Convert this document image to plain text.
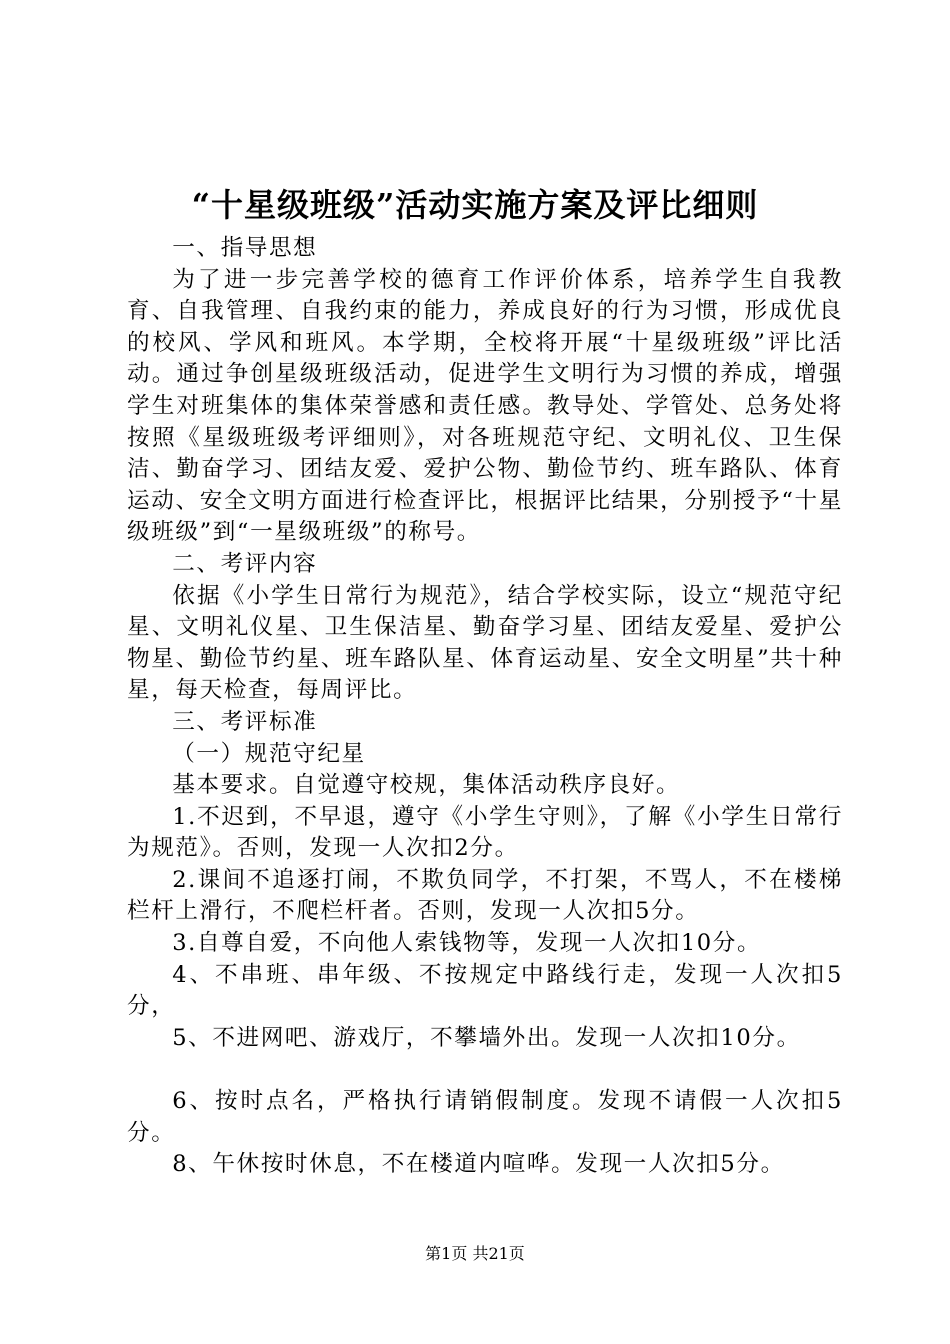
“十星级班级”活动实施方案及评比细则

一、指导思想

为了进一步完善学校的德育工作评价体系，培养学生自我教育、自我管理、自我约束的能力，养成良好的行为习惯，形成优良的校风、学风和班风。本学期，全校将开展“十星级班级”评比活动。通过争创星级班级活动，促进学生文明行为习惯的养成，增强学生对班集体的集体荣誉感和责任感。教导处、学管处、总务处将按照《星级班级考评细则》，对各班规范守纪、文明礼仪、卫生保洁、勤奋学习、团结友爱、爱护公物、勤俭节约、班车路队、体育运动、安全文明方面进行检查评比，根据评比结果，分别授予“十星级班级”到“一星级班级”的称号。

二、考评内容

依据《小学生日常行为规范》，结合学校实际，设立“规范守纪星、文明礼仪星、卫生保洁星、勤奋学习星、团结友爱星、爱护公物星、勤俭节约星、班车路队星、体育运动星、安全文明星”共十种星，每天检查，每周评比。

三、考评标准

（一）规范守纪星

基本要求。自觉遵守校规，集体活动秩序良好。

1.不迟到，不早退，遵守《小学生守则》，了解《小学生日常行为规范》。否则，发现一人次扣2分。

2.课间不追逐打闹，不欺负同学，不打架，不骂人，不在楼梯栏杆上滑行，不爬栏杆者。否则，发现一人次扣5分。

3.自尊自爱，不向他人索钱物等，发现一人次扣10分。

4、不串班、串年级、不按规定中路线行走，发现一人次扣5分，

5、不进网吧、游戏厅，不攀墙外出。发现一人次扣10分。

6、按时点名，严格执行请销假制度。发现不请假一人次扣5分。

8、午休按时休息，不在楼道内喧哗。发现一人次扣5分。

第1页 共21页
